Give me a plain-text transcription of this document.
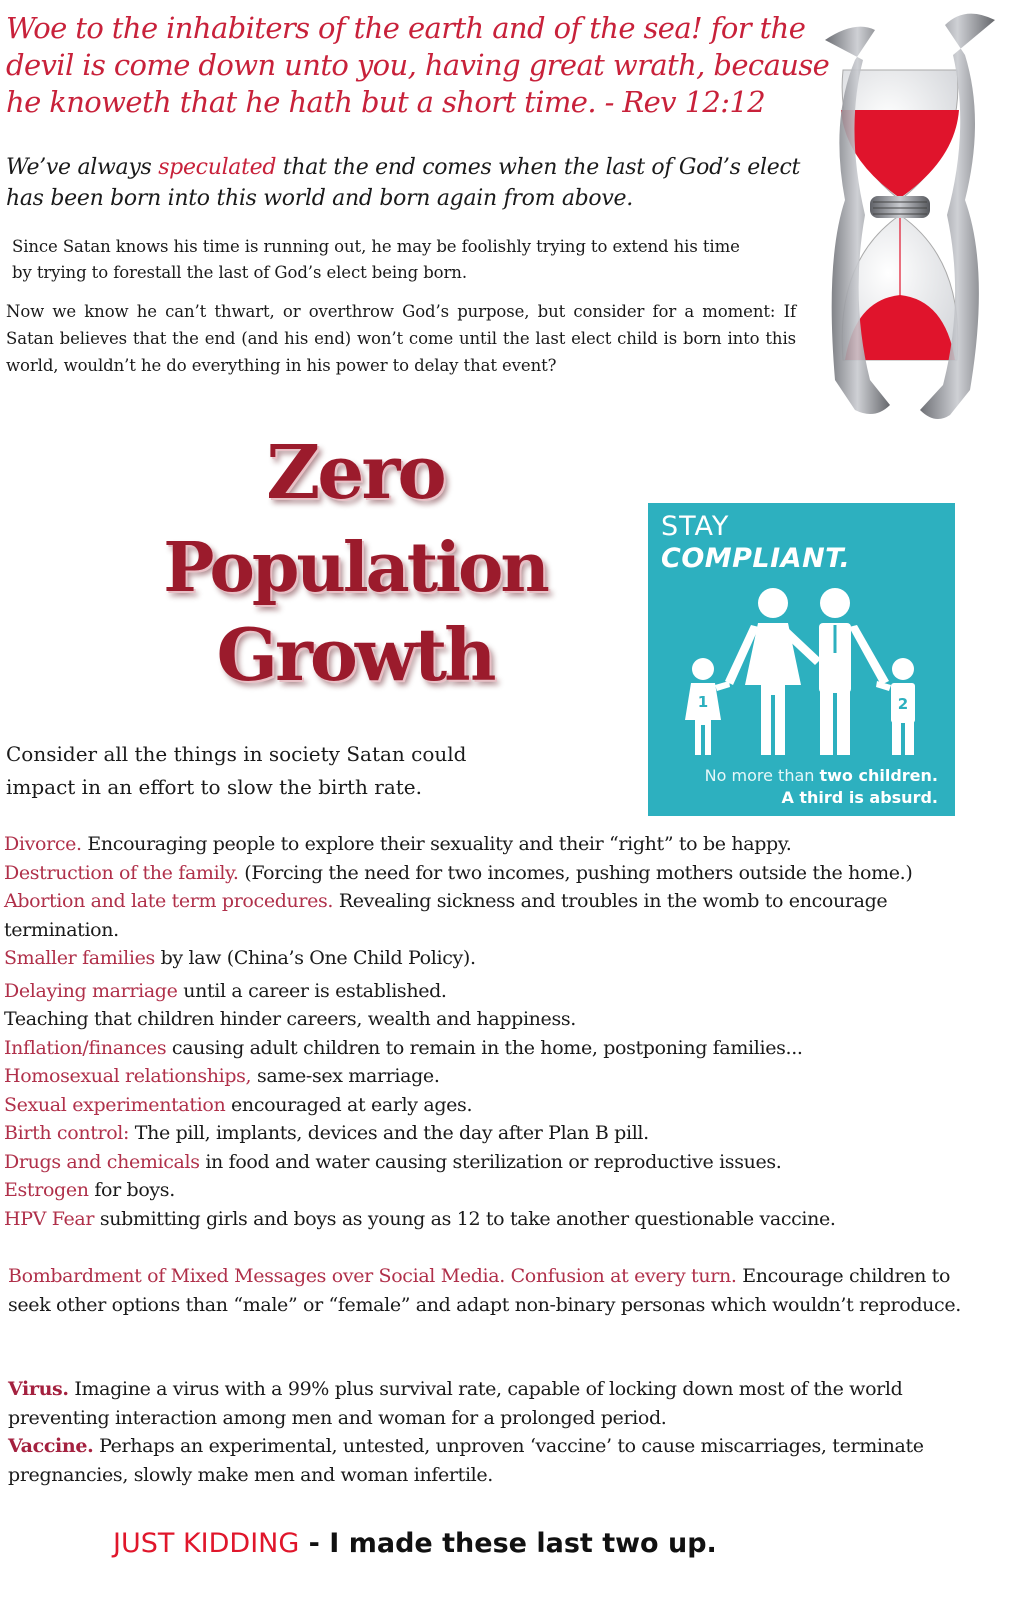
Woe to the inhabiters of the earth and of the sea! for the devil is come down unto you, having great wrath, because he knoweth that he hath but a short time. - Rev 12:12
We’ve always speculated that the end comes when the last of God’s elect has been born into this world and born again from above.
Since Satan knows his time is running out, he may be foolishly trying to extend his time by trying to forestall the last of God’s elect being born.
Now we know he can’t thwart, or overthrow God’s purpose, but consider for a moment: If Satan believes that the end (and his end) won’t come until the last elect child is born into this world, wouldn’t he do everything in his power to delay that event?
Zero
Population
Growth
STAY
COMPLIANT.
1	2
No more than two children.
A third is absurd.
Consider all the things in society Satan could impact in an effort to slow the birth rate.
Divorce. Encouraging people to explore their sexuality and their “right” to be happy.
Destruction of the family. (Forcing the need for two incomes, pushing mothers outside the home.)
Abortion and late term procedures. Revealing sickness and troubles in the womb to encourage termination.
Smaller families by law (China’s One Child Policy).
Delaying marriage until a career is established.
Teaching that children hinder careers, wealth and happiness.
Inflation/finances causing adult children to remain in the home, postponing families...
Homosexual relationships, same-sex marriage.
Sexual experimentation encouraged at early ages.
Birth control: The pill, implants, devices and the day after Plan B pill.
Drugs and chemicals in food and water causing sterilization or reproductive issues.
Estrogen for boys.
HPV Fear submitting girls and boys as young as 12 to take another questionable vaccine.
Bombardment of Mixed Messages over Social Media. Confusion at every turn. Encourage children to seek other options than “male” or “female” and adapt non-binary personas which wouldn’t reproduce.
Virus. Imagine a virus with a 99% plus survival rate, capable of locking down most of the world preventing interaction among men and woman for a prolonged period.
Vaccine. Perhaps an experimental, untested, unproven ‘vaccine’ to cause miscarriages, terminate pregnancies, slowly make men and woman infertile.
JUST KIDDING - I made these last two up.
